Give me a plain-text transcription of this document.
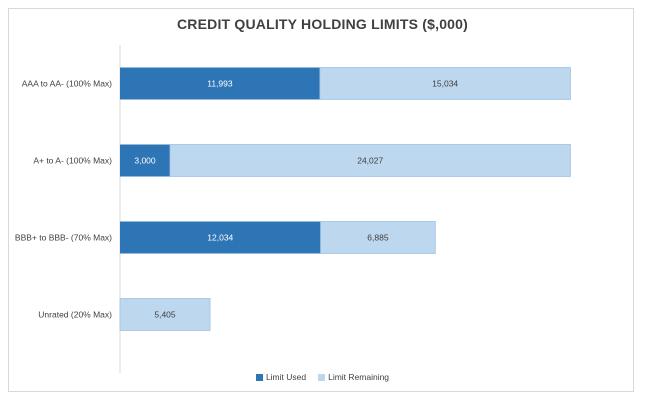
CREDIT QUALITY HOLDING LIMITS ($,000)
AAA to AA- (100% Max)	11,993	15,034
A+ to A- (100% Max)	3,000	24,027
BBB+ to BBB- (70% Max)	12,034	6,885
Unrated (20% Max)	5,405
Limit Used	Limit Remaining
